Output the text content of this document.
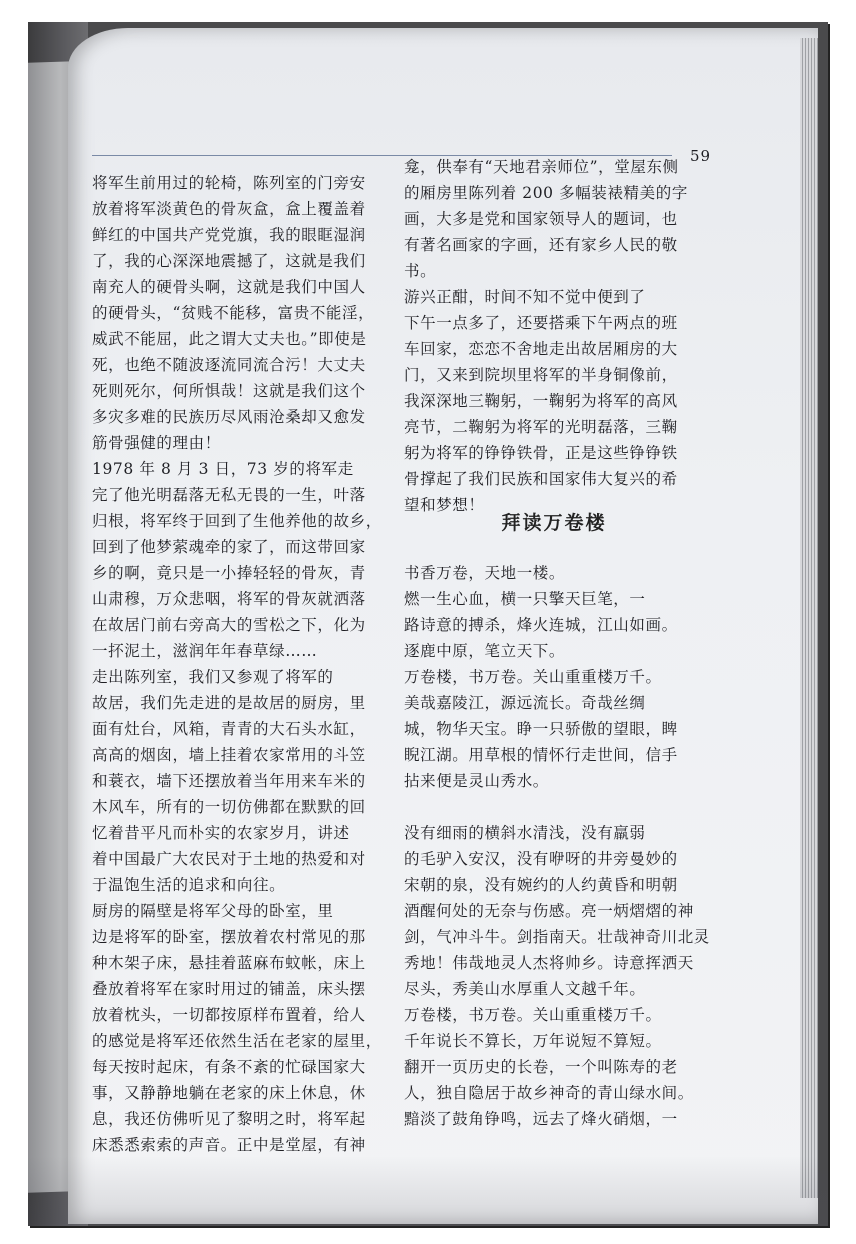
59
将军生前用过的轮椅，陈列室的门旁安
放着将军淡黄色的骨灰盒，盒上覆盖着
鲜红的中国共产党党旗，我的眼眶湿润
了，我的心深深地震撼了，这就是我们
南充人的硬骨头啊，这就是我们中国人
的硬骨头，“贫贱不能移，富贵不能淫，
威武不能屈，此之谓大丈夫也。”即使是
死，也绝不随波逐流同流合污！大丈夫
死则死尔，何所惧哉！这就是我们这个
多灾多难的民族历尽风雨沧桑却又愈发
筋骨强健的理由！
1978 年 8 月 3 日，73 岁的将军走
完了他光明磊落无私无畏的一生，叶落
归根，将军终于回到了生他养他的故乡，
回到了他梦萦魂牵的家了，而这带回家
乡的啊，竟只是一小捧轻轻的骨灰，青
山肃穆，万众悲咽，将军的骨灰就洒落
在故居门前右旁高大的雪松之下，化为
一抔泥土，滋润年年春草绿……
走出陈列室，我们又参观了将军的
故居，我们先走进的是故居的厨房，里
面有灶台，风箱，青青的大石头水缸，
高高的烟囱，墙上挂着农家常用的斗笠
和蓑衣，墙下还摆放着当年用来车米的
木风车，所有的一切仿佛都在默默的回
忆着昔平凡而朴实的农家岁月，讲述
着中国最广大农民对于土地的热爱和对
于温饱生活的追求和向往。
厨房的隔壁是将军父母的卧室，里
边是将军的卧室，摆放着农村常见的那
种木架子床，悬挂着蓝麻布蚊帐，床上
叠放着将军在家时用过的铺盖，床头摆
放着枕头，一切都按原样布置着，给人
的感觉是将军还依然生活在老家的屋里，
每天按时起床，有条不紊的忙碌国家大
事，又静静地躺在老家的床上休息，休
息，我还仿佛听见了黎明之时，将军起
床悉悉索索的声音。正中是堂屋，有神
龛，供奉有“天地君亲师位”，堂屋东侧
的厢房里陈列着 200 多幅装裱精美的字
画，大多是党和国家领导人的题词，也
有著名画家的字画，还有家乡人民的敬
书。
游兴正酣，时间不知不觉中便到了
下午一点多了，还要搭乘下午两点的班
车回家，恋恋不舍地走出故居厢房的大
门，又来到院坝里将军的半身铜像前，
我深深地三鞠躬，一鞠躬为将军的高风
亮节，二鞠躬为将军的光明磊落，三鞠
躬为将军的铮铮铁骨，正是这些铮铮铁
骨撑起了我们民族和国家伟大复兴的希
望和梦想！
拜读万卷楼
书香万卷，天地一楼。
燃一生心血，横一只擎天巨笔，一
路诗意的搏杀，烽火连城，江山如画。
逐鹿中原，笔立天下。
万卷楼，书万卷。关山重重楼万千。
美哉嘉陵江，源远流长。奇哉丝绸
城，物华天宝。睁一只骄傲的望眼，睥
睨江湖。用草根的情怀行走世间，信手
拈来便是灵山秀水。
没有细雨的横斜水清浅，没有羸弱
的毛驴入安汉，没有咿呀的井旁曼妙的
宋朝的泉，没有婉约的人约黄昏和明朝
酒醒何处的无奈与伤感。亮一炳熠熠的神
剑，气冲斗牛。剑指南天。壮哉神奇川北灵
秀地！伟哉地灵人杰将帅乡。诗意挥洒天
尽头，秀美山水厚重人文越千年。
万卷楼，书万卷。关山重重楼万千。
千年说长不算长，万年说短不算短。
翻开一页历史的长卷，一个叫陈寿的老
人，独自隐居于故乡神奇的青山绿水间。
黯淡了鼓角铮鸣，远去了烽火硝烟，一
